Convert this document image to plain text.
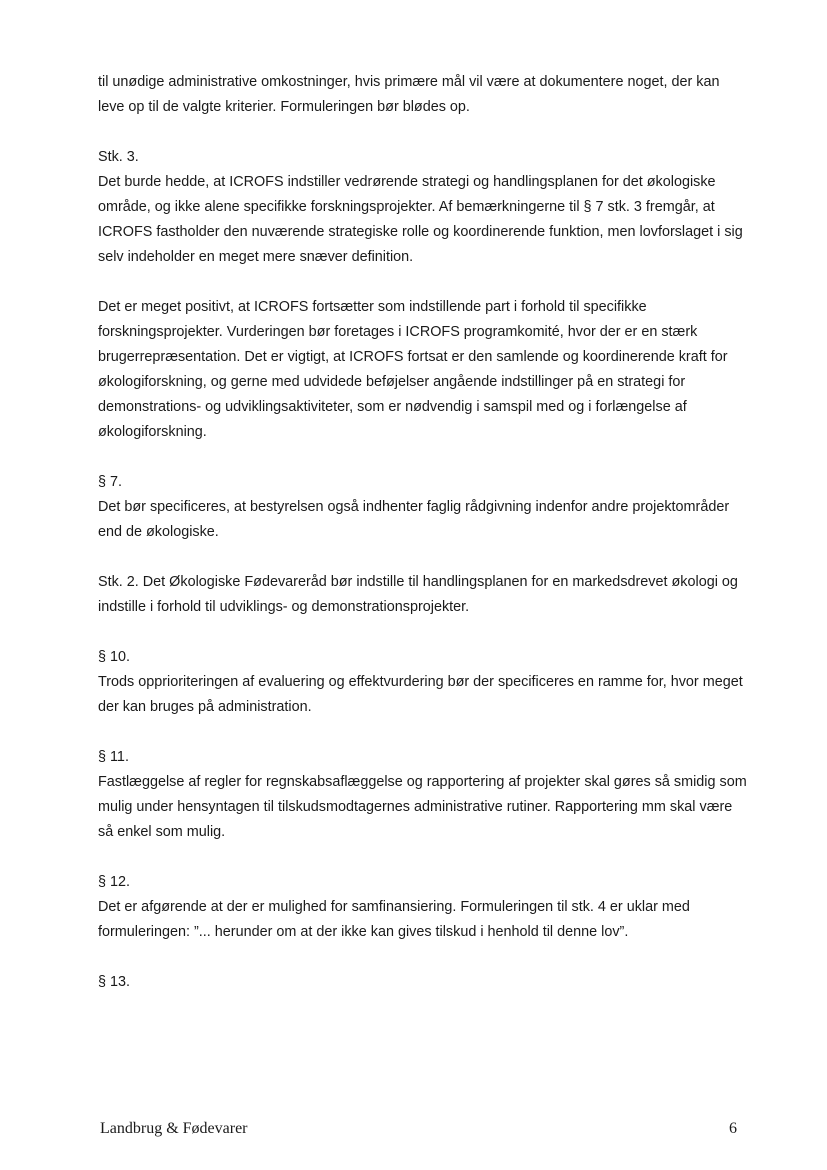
til unødige administrative omkostninger, hvis primære mål vil være at dokumentere noget, der kan leve op til de valgte kriterier. Formuleringen bør blødes op.

Stk. 3.

Det burde hedde, at ICROFS indstiller vedrørende strategi og handlingsplanen for det økologiske område, og ikke alene specifikke forskningsprojekter. Af bemærkningerne til § 7 stk. 3 fremgår, at ICROFS fastholder den nuværende strategiske rolle og koordinerende funktion, men lovforslaget i sig selv indeholder en meget mere snæver definition.

Det er meget positivt, at ICROFS fortsætter som indstillende part i forhold til specifikke forskningsprojekter. Vurderingen bør foretages i ICROFS programkomité, hvor der er en stærk brugerrepræsentation. Det er vigtigt, at ICROFS fortsat er den samlende og koordinerende kraft for økologiforskning, og gerne med udvidede beføjelser angående indstillinger på en strategi for demonstrations- og udviklingsaktiviteter, som er nødvendig i samspil med og i forlængelse af økologiforskning.

§ 7.

Det bør specificeres, at bestyrelsen også indhenter faglig rådgivning indenfor andre projektområder end de økologiske.

Stk. 2. Det Økologiske Fødevareråd bør indstille til handlingsplanen for en markedsdrevet økologi og indstille i forhold til udviklings- og demonstrationsprojekter.

§ 10.

Trods opprioriteringen af evaluering og effektvurdering bør der specificeres en ramme for, hvor meget der kan bruges på administration.

§ 11.

Fastlæggelse af regler for regnskabsaflæggelse og rapportering af projekter skal gøres så smidig som mulig under hensyntagen til tilskudsmodtagernes administrative rutiner. Rapportering mm skal være så enkel som mulig.

§ 12.

Det er afgørende at der er mulighed for samfinansiering. Formuleringen til stk. 4 er uklar med formuleringen: ”... herunder om at der ikke kan gives tilskud i henhold til denne lov”.

§ 13.

Landbrug & Fødevarer	6
